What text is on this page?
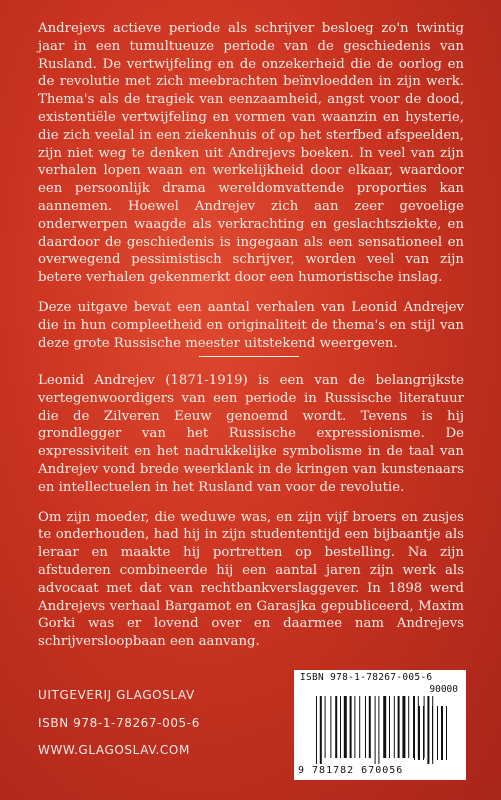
Andrejevs actieve periode als schrijver besloeg zo'n twintig jaar in een tumultueuze periode van de geschiedenis van Rusland. De vertwijfeling en de onzekerheid die de oorlog en de revolutie met zich meebrachten beïnvloedden in zijn werk. Thema's als de tragiek van eenzaamheid, angst voor de dood, existentiële vertwijfeling en vormen van waanzin en hysterie, die zich veelal in een ziekenhuis of op het sterfbed afspeelden, zijn niet weg te denken uit Andrejevs boeken. In veel van zijn verhalen lopen waan en werkelijkheid door elkaar, waardoor een persoonlijk drama wereldomvattende proporties kan aannemen. Hoewel Andrejev zich aan zeer gevoelige onderwerpen waagde als verkrachting en geslachtsziekte, en daardoor de geschiedenis is ingegaan als een sensationeel en overwegend pessimistisch schrijver, worden veel van zijn betere verhalen gekenmerkt door een humoristische inslag.

Deze uitgave bevat een aantal verhalen van Leonid Andrejev die in hun compleetheid en originaliteit de thema's en stijl van deze grote Russische meester uitstekend weergeven.

Leonid Andrejev (1871-1919) is een van de belangrijkste vertegenwoordigers van een periode in Russische literatuur die de Zilveren Eeuw genoemd wordt. Tevens is hij grondlegger van het Russische expressionisme. De expressiviteit en het nadrukkelijke symbolisme in de taal van Andrejev vond brede weerklank in de kringen van kunstenaars en intellectuelen in het Rusland van voor de revolutie.

Om zijn moeder, die weduwe was, en zijn vijf broers en zusjes te onderhouden, had hij in zijn studententijd een bijbaantje als leraar en maakte hij portretten op bestelling. Na zijn afstuderen combineerde hij een aantal jaren zijn werk als advocaat met dat van rechtbankverslaggever. In 1898 werd Andrejevs verhaal Bargamot en Garasjka gepubliceerd, Maxim Gorki was er lovend over en daarmee nam Andrejevs schrijversloopbaan een aanvang.

UITGEVERIJ GLAGOSLAV
ISBN 978-1-78267-005-6
WWW.GLAGOSLAV.COM
ISBN 978-1-78267-005-6
90000
9 781782 670056
